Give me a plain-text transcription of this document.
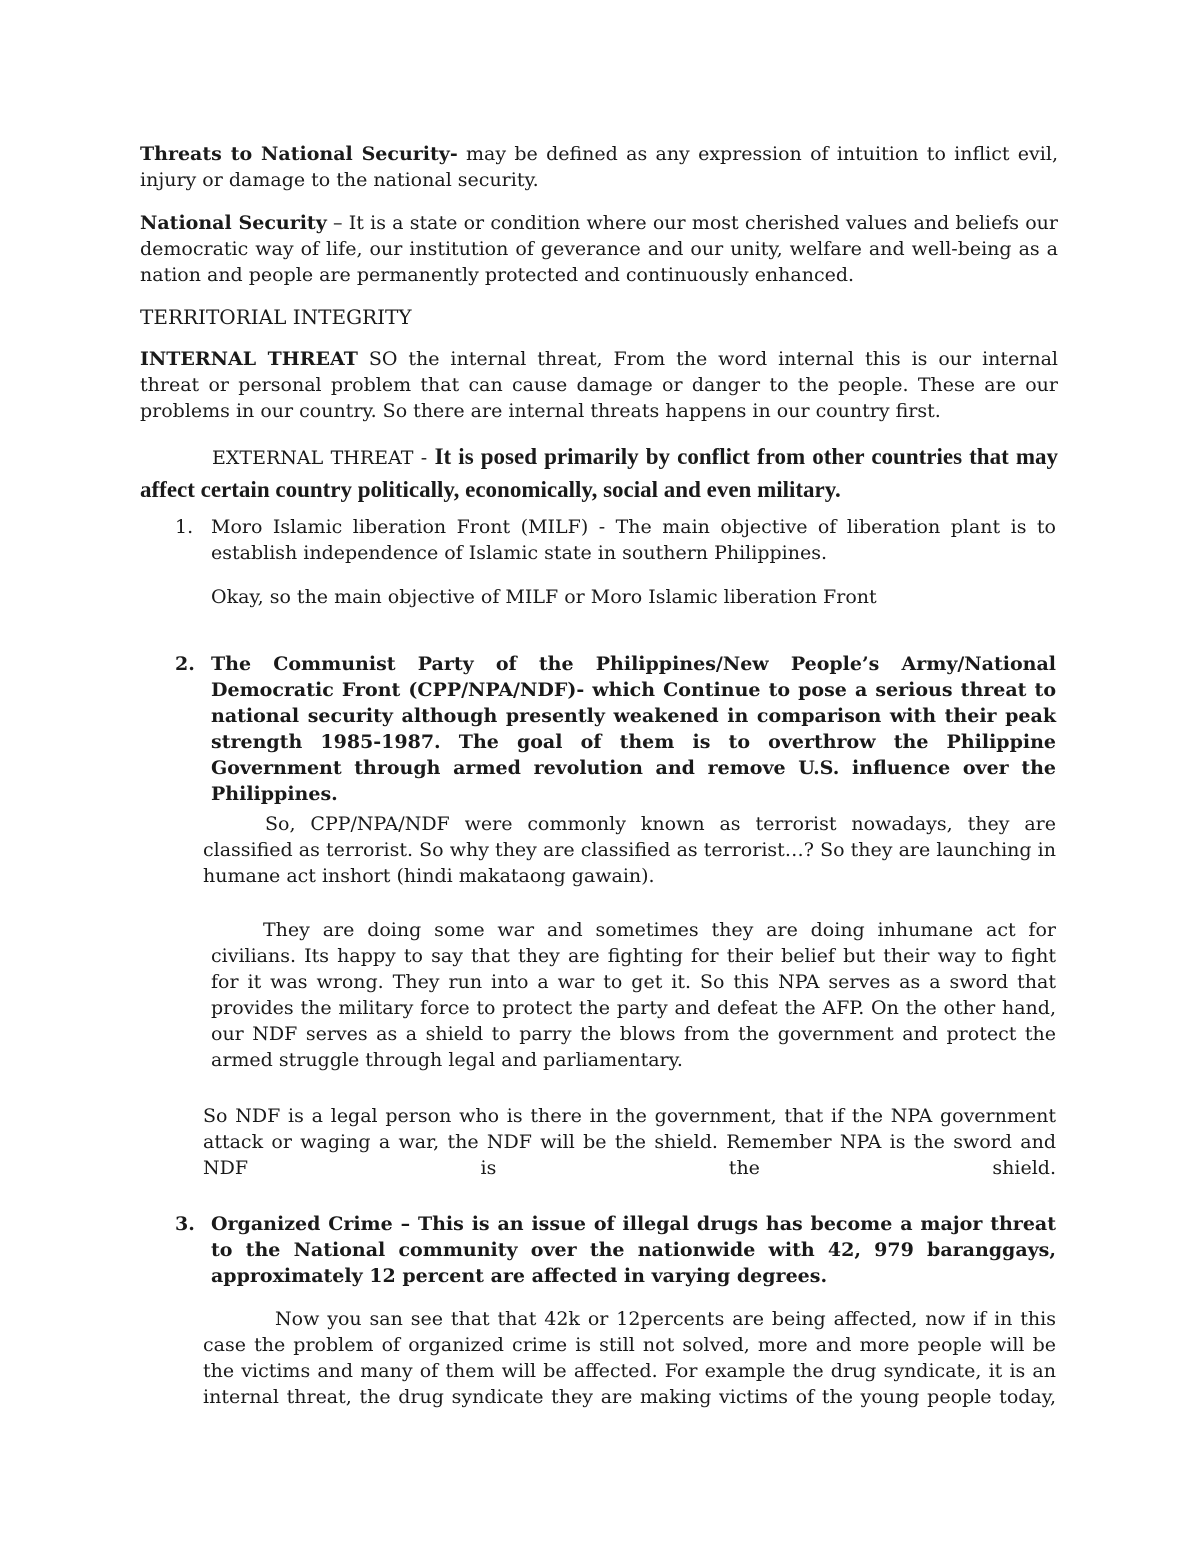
Threats to National Security- may be defined as any expression of intuition to inflict evil, injury or damage to the national security.

National Security – It is a state or condition where our most cherished values and beliefs our democratic way of life, our institution of geverance and our unity, welfare and well-being as a nation and people are permanently protected and continuously enhanced.

TERRITORIAL INTEGRITY

INTERNAL THREAT SO the internal threat, From the word internal this is our internal threat or personal problem that can cause damage or danger to the people. These are our problems in our country. So there are internal threats happens in our country first.

EXTERNAL THREAT - It is posed primarily by conflict from other countries that may affect certain country politically, economically, social and even military.

1. Moro Islamic liberation Front (MILF) - The main objective of liberation plant is to establish independence of Islamic state in southern Philippines.

Okay, so the main objective of MILF or Moro Islamic liberation Front

2. The Communist Party of the Philippines/New People’s Army/National Democratic Front (CPP/NPA/NDF)- which Continue to pose a serious threat to national security although presently weakened in comparison with their peak strength 1985-1987. The goal of them is to overthrow the Philippine Government through armed revolution and remove U.S. influence over the Philippines.

So, CPP/NPA/NDF were commonly known as terrorist nowadays, they are classified as terrorist. So why they are classified as terrorist…? So they are launching in humane act inshort (hindi makataong gawain).

They are doing some war and sometimes they are doing inhumane act for civilians. Its happy to say that they are fighting for their belief but their way to fight for it was wrong. They run into a war to get it. So this NPA serves as a sword that provides the military force to protect the party and defeat the AFP. On the other hand, our NDF serves as a shield to parry the blows from the government and protect the armed struggle through legal and parliamentary.

So NDF is a legal person who is there in the government, that if the NPA government attack or waging a war, the NDF will be the shield. Remember NPA is the sword and NDF is the shield.

3. Organized Crime – This is an issue of illegal drugs has become a major threat to the National community over the nationwide with 42, 979 baranggays, approximately 12 percent are affected in varying degrees.

Now you san see that that 42k or 12percents are being affected, now if in this case the problem of organized crime is still not solved, more and more people will be the victims and many of them will be affected. For example the drug syndicate, it is an internal threat, the drug syndicate they are making victims of the young people today,
